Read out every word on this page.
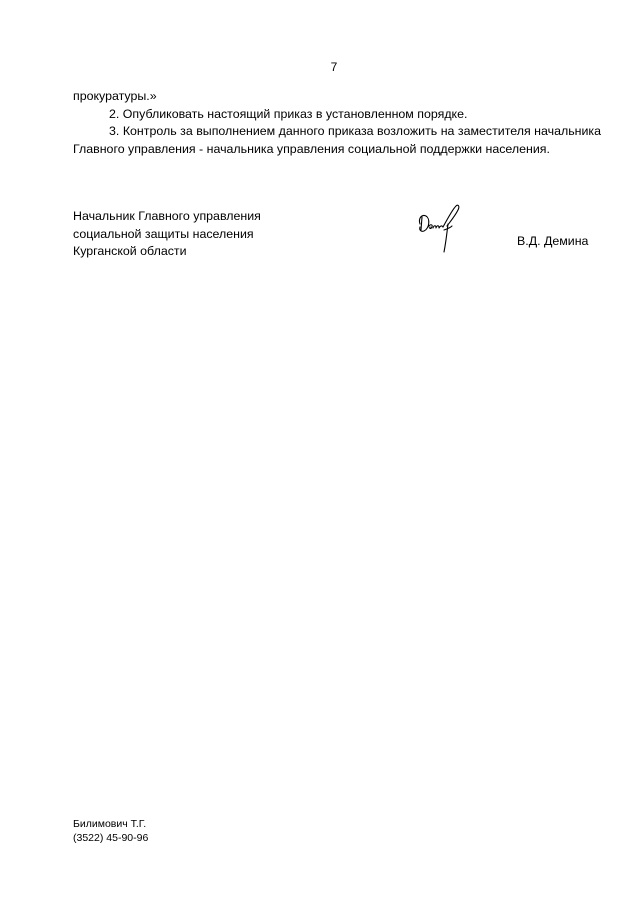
7

прокуратуры.»

2. Опубликовать настоящий приказ в установленном порядке.

3. Контроль за выполнением данного приказа возложить на заместителя начальника Главного управления - начальника управления социальной поддержки населения.

Начальник Главного управления
социальной защиты населения
Курганской области
В.Д. Демина
Билимович Т.Г.
(3522) 45-90-96
